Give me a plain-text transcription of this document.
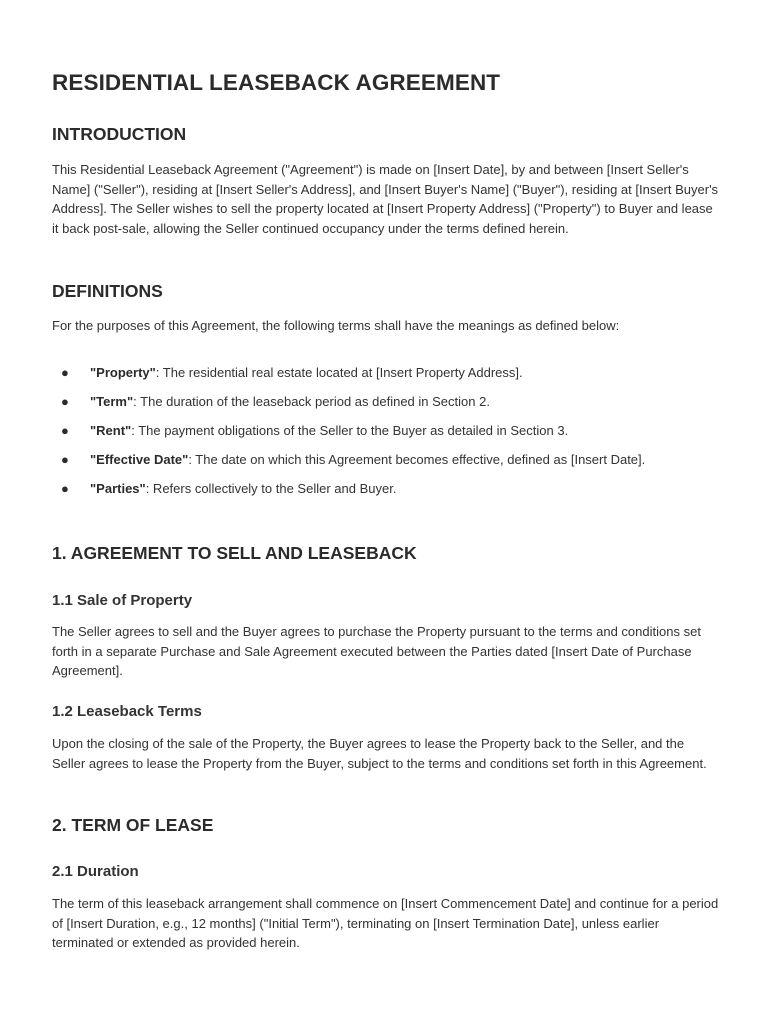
RESIDENTIAL LEASEBACK AGREEMENT
INTRODUCTION

This Residential Leaseback Agreement ("Agreement") is made on [Insert Date], by and between [Insert Seller's Name] ("Seller"), residing at [Insert Seller's Address], and [Insert Buyer's Name] ("Buyer"), residing at [Insert Buyer's Address]. The Seller wishes to sell the property located at [Insert Property Address] ("Property") to Buyer and lease it back post-sale, allowing the Seller continued occupancy under the terms defined herein.

DEFINITIONS

For the purposes of this Agreement, the following terms shall have the meanings as defined below:

● "Property": The residential real estate located at [Insert Property Address].
● "Term": The duration of the leaseback period as defined in Section 2.
● "Rent": The payment obligations of the Seller to the Buyer as detailed in Section 3.
● "Effective Date": The date on which this Agreement becomes effective, defined as [Insert Date].
● "Parties": Refers collectively to the Seller and Buyer.
1. AGREEMENT TO SELL AND LEASEBACK
1.1 Sale of Property

The Seller agrees to sell and the Buyer agrees to purchase the Property pursuant to the terms and conditions set forth in a separate Purchase and Sale Agreement executed between the Parties dated [Insert Date of Purchase Agreement].

1.2 Leaseback Terms

Upon the closing of the sale of the Property, the Buyer agrees to lease the Property back to the Seller, and the Seller agrees to lease the Property from the Buyer, subject to the terms and conditions set forth in this Agreement.

2. TERM OF LEASE
2.1 Duration

The term of this leaseback arrangement shall commence on [Insert Commencement Date] and continue for a period of [Insert Duration, e.g., 12 months] ("Initial Term"), terminating on [Insert Termination Date], unless earlier terminated or extended as provided herein.
